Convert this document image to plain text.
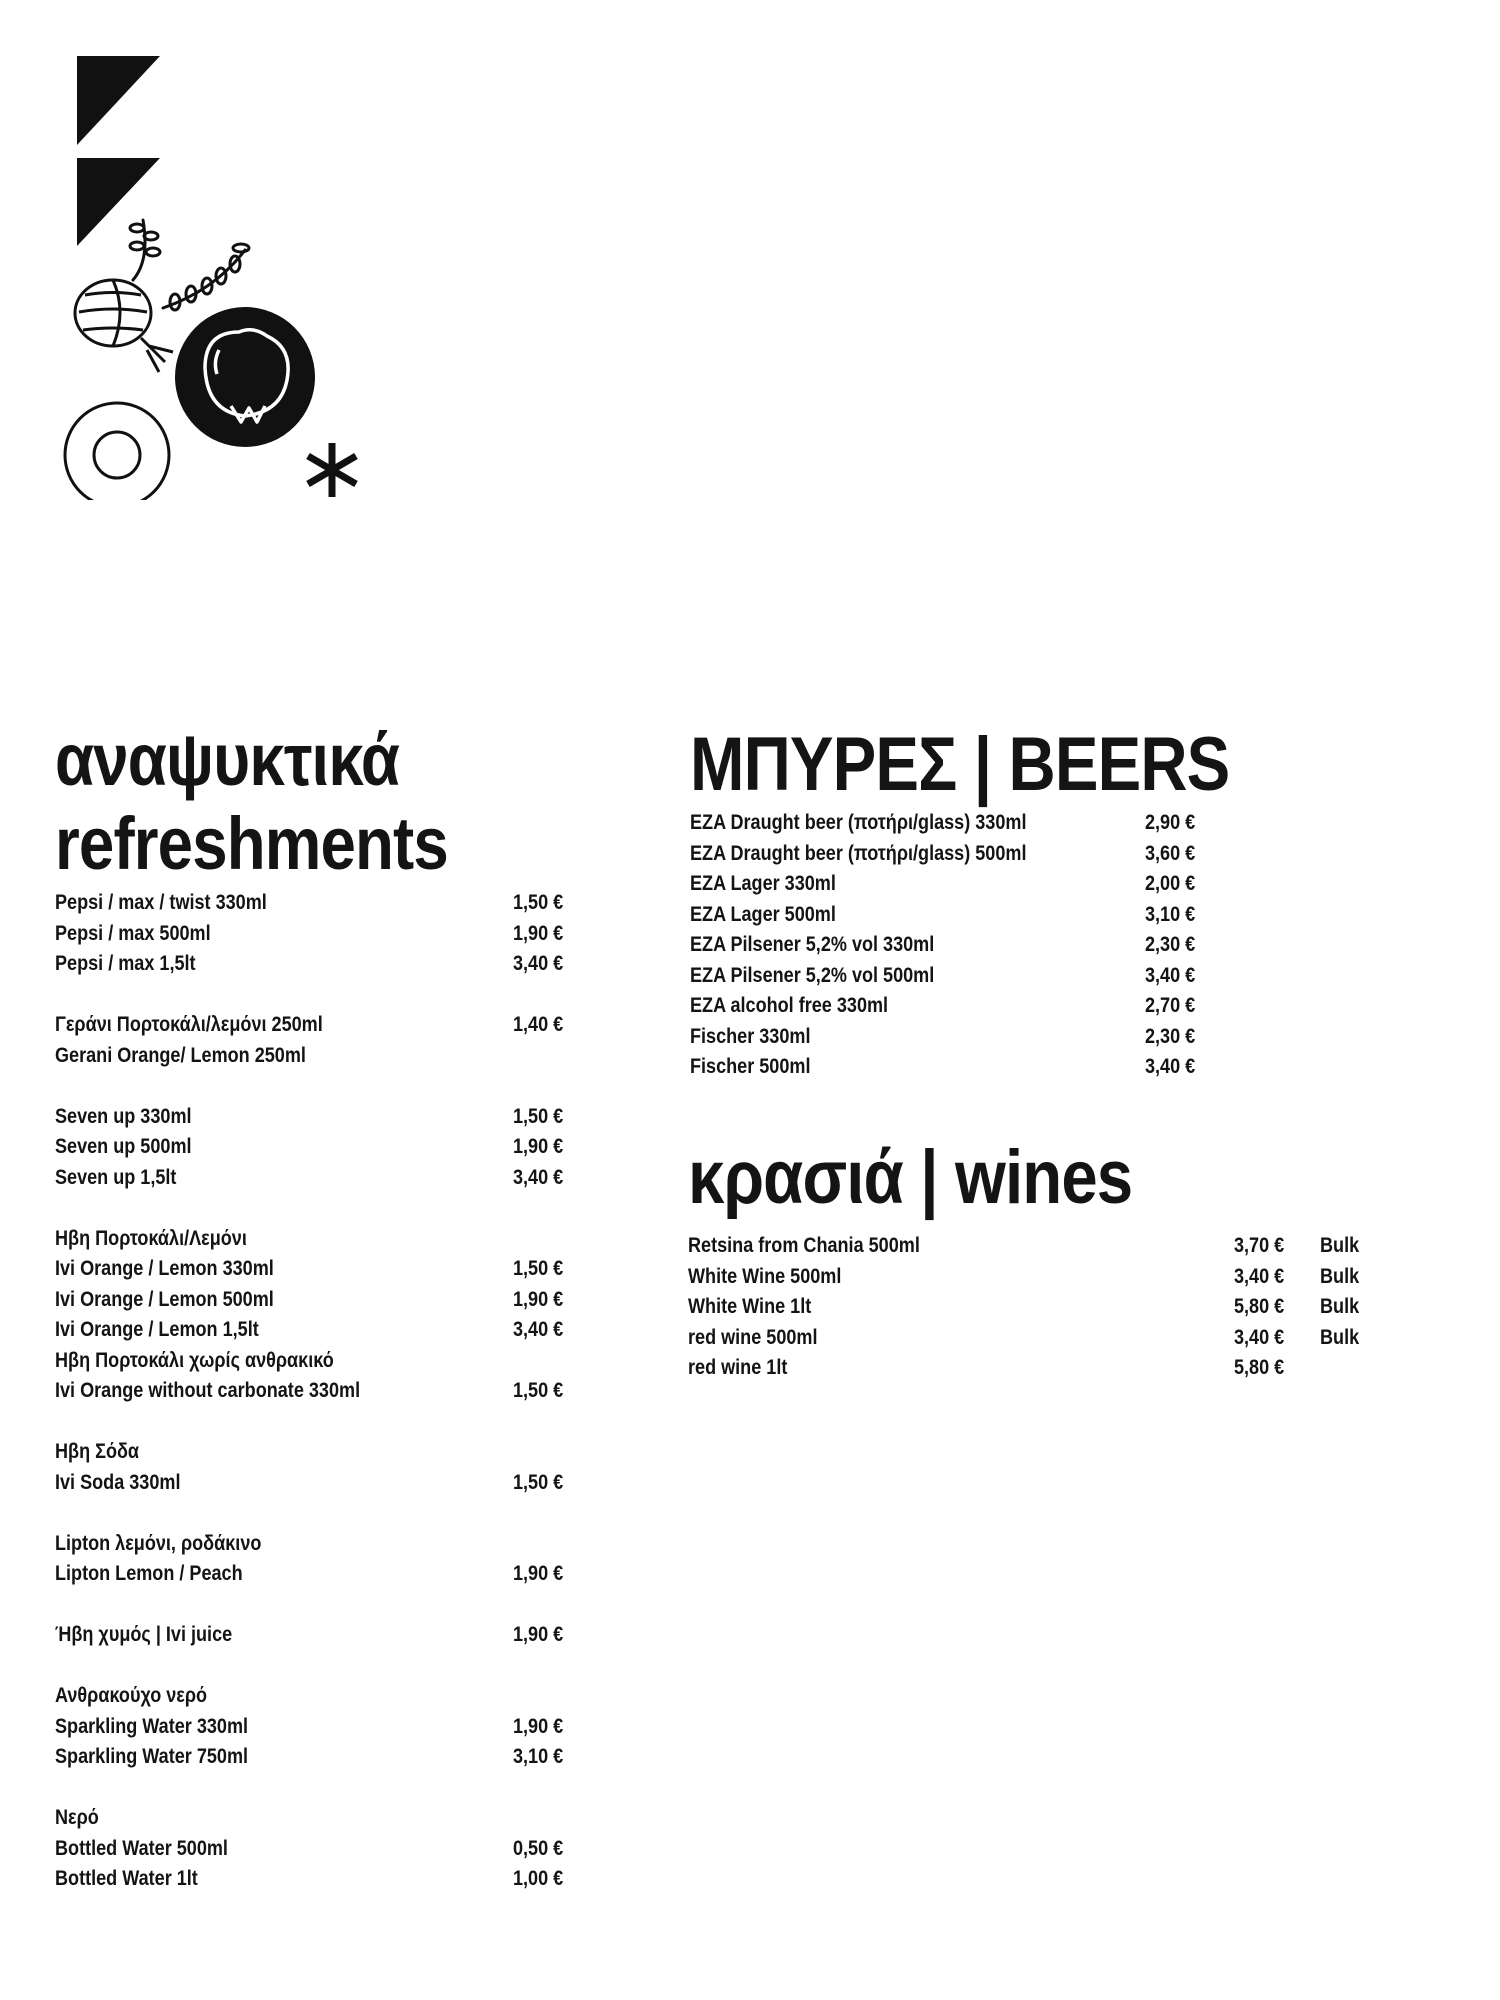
αναψυκτικά
refreshments
Pepsi / max / twist 330ml	1,50 €
Pepsi / max 500ml	1,90 €
Pepsi / max 1,5lt	3,40 €
Γεράνι Πορτοκάλι/λεμόνι 250ml	1,40 €
Gerani Orange/ Lemon 250ml
Seven up 330ml	1,50 €
Seven up 500ml	1,90 €
Seven up 1,5lt	3,40 €
Ηβη Πορτοκάλι/Λεμόνι
Ivi Orange / Lemon 330ml	1,50 €
Ivi Orange / Lemon 500ml	1,90 €
Ivi Orange / Lemon 1,5lt	3,40 €
Ηβη Πορτοκάλι χωρίς ανθρακικό
Ivi Orange without carbonate 330ml	1,50 €
Ηβη Σόδα
Ivi Soda 330ml	1,50 €
Lipton λεμόνι, ροδάκινο
Lipton Lemon / Peach	1,90 €
Ήβη χυμός | Ivi juice	1,90 €
Ανθρακούχο νερό
Sparkling Water 330ml	1,90 €
Sparkling Water 750ml	3,10 €
Νερό
Bottled Water 500ml	0,50 €
Bottled Water 1lt	1,00 €
ΜΠΥΡΕΣ | BEERS
EZA Draught beer (ποτήρι/glass) 330ml	2,90 €
EZA Draught beer (ποτήρι/glass) 500ml	3,60 €
EZA Lager 330ml	2,00 €
EZA Lager 500ml	3,10 €
EZA Pilsener 5,2% vol 330ml	2,30 €
EZA Pilsener 5,2% vol 500ml	3,40 €
EZA alcohol free 330ml	2,70 €
Fischer 330ml	2,30 €
Fischer 500ml	3,40 €
κρασιά | wines
Retsina from Chania 500ml	3,70 € Bulk
White Wine 500ml	3,40 € Bulk
White Wine 1lt	5,80 € Bulk
red wine 500ml	3,40 € Bulk
red wine 1lt	5,80 €
